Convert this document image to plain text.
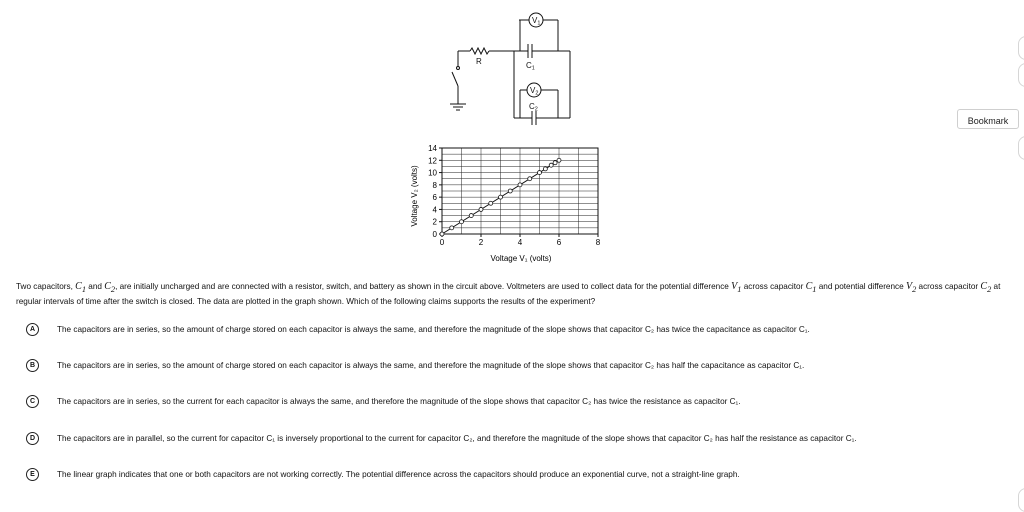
V1
V2
R	C1
C2
0
2
4
6
8
10
12
14
0	2	4	6	8
Voltage V₁ (volts)
Voltage V₂ (volts)
Bookmark
Two capacitors, $C_1$ and $C_2$, are initially uncharged and are connected with a resistor, switch, and battery as shown in the circuit above. Voltmeters are used to collect data for the potential difference $V_1$ across capacitor $C_1$ and potential difference $V_2$ across capacitor $C_2$ at regular intervals of time after the switch is closed. The data are plotted in the graph shown. Which of the following claims supports the results of the experiment?
A	The capacitors are in series, so the amount of charge stored on each capacitor is always the same, and therefore the magnitude of the slope shows that capacitor C₂ has twice the capacitance as capacitor C₁.
B	The capacitors are in series, so the amount of charge stored on each capacitor is always the same, and therefore the magnitude of the slope shows that capacitor C₂ has half the capacitance as capacitor C₁.
C	The capacitors are in series, so the current for each capacitor is always the same, and therefore the magnitude of the slope shows that capacitor C₂ has twice the resistance as capacitor C₁.
D	The capacitors are in parallel, so the current for capacitor C₁ is inversely proportional to the current for capacitor C₂, and therefore the magnitude of the slope shows that capacitor C₂ has half the resistance as capacitor C₁.
E	The linear graph indicates that one or both capacitors are not working correctly. The potential difference across the capacitors should produce an exponential curve, not a straight-line graph.
